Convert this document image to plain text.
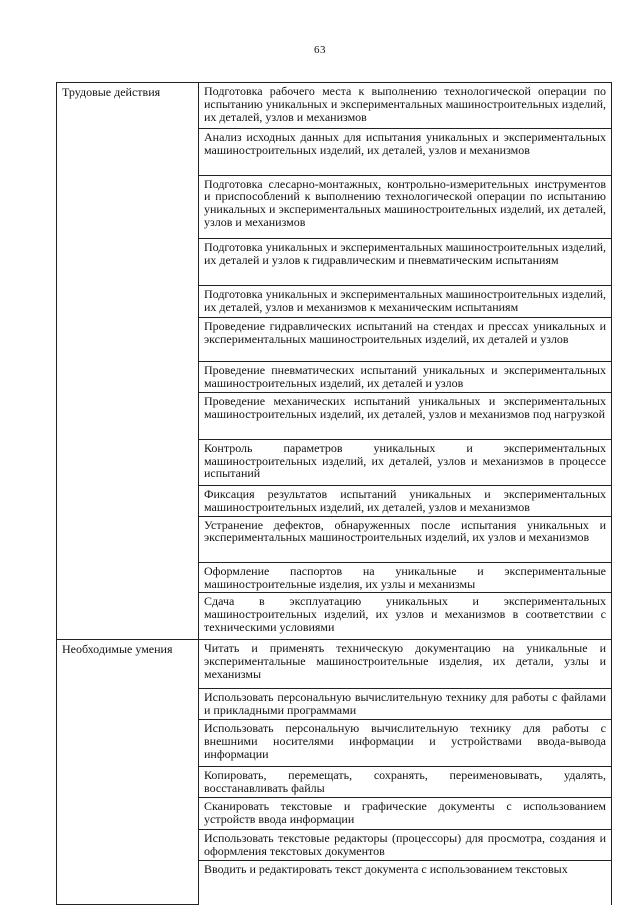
63
Трудовые действия	Подготовка рабочего места к выполнению технологической операции по испытанию уникальных и экспериментальных машиностроительных изделий, их деталей, узлов и механизмов
	Анализ исходных данных для испытания уникальных и экспериментальных машиностроительных изделий, их деталей, узлов и механизмов
	Подготовка слесарно-монтажных, контрольно-измерительных инструментов и приспособлений к выполнению технологической операции по испытанию уникальных и экспериментальных машиностроительных изделий, их деталей, узлов и механизмов
	Подготовка уникальных и экспериментальных машиностроительных изделий, их деталей и узлов к гидравлическим и пневматическим испытаниям
	Подготовка уникальных и экспериментальных машиностроительных изделий, их деталей, узлов и механизмов к механическим испытаниям
	Проведение гидравлических испытаний на стендах и прессах уникальных и экспериментальных машиностроительных изделий, их деталей и узлов
	Проведение пневматических испытаний уникальных и экспериментальных машиностроительных изделий, их деталей и узлов
	Проведение механических испытаний уникальных и экспериментальных машиностроительных изделий, их деталей, узлов и механизмов под нагрузкой
	Контроль параметров уникальных и экспериментальных машиностроительных изделий, их деталей, узлов и механизмов в процессе испытаний
	Фиксация результатов испытаний уникальных и экспериментальных машиностроительных изделий, их деталей, узлов и механизмов
	Устранение дефектов, обнаруженных после испытания уникальных и экспериментальных машиностроительных изделий, их узлов и механизмов
	Оформление паспортов на уникальные и экспериментальные машиностроительные изделия, их узлы и механизмы
	Сдача в эксплуатацию уникальных и экспериментальных машиностроительных изделий, их узлов и механизмов в соответствии с техническими условиями
Необходимые умения	Читать и применять техническую документацию на уникальные и экспериментальные машиностроительные изделия, их детали, узлы и механизмы
	Использовать персональную вычислительную технику для работы с файлами и прикладными программами
	Использовать персональную вычислительную технику для работы с внешними носителями информации и устройствами ввода-вывода информации
	Копировать, перемещать, сохранять, переименовывать, удалять, восстанавливать файлы
	Сканировать текстовые и графические документы с использованием устройств ввода информации
	Использовать текстовые редакторы (процессоры) для просмотра, создания и оформления текстовых документов
	Вводить и редактировать текст документа с использованием текстовых
